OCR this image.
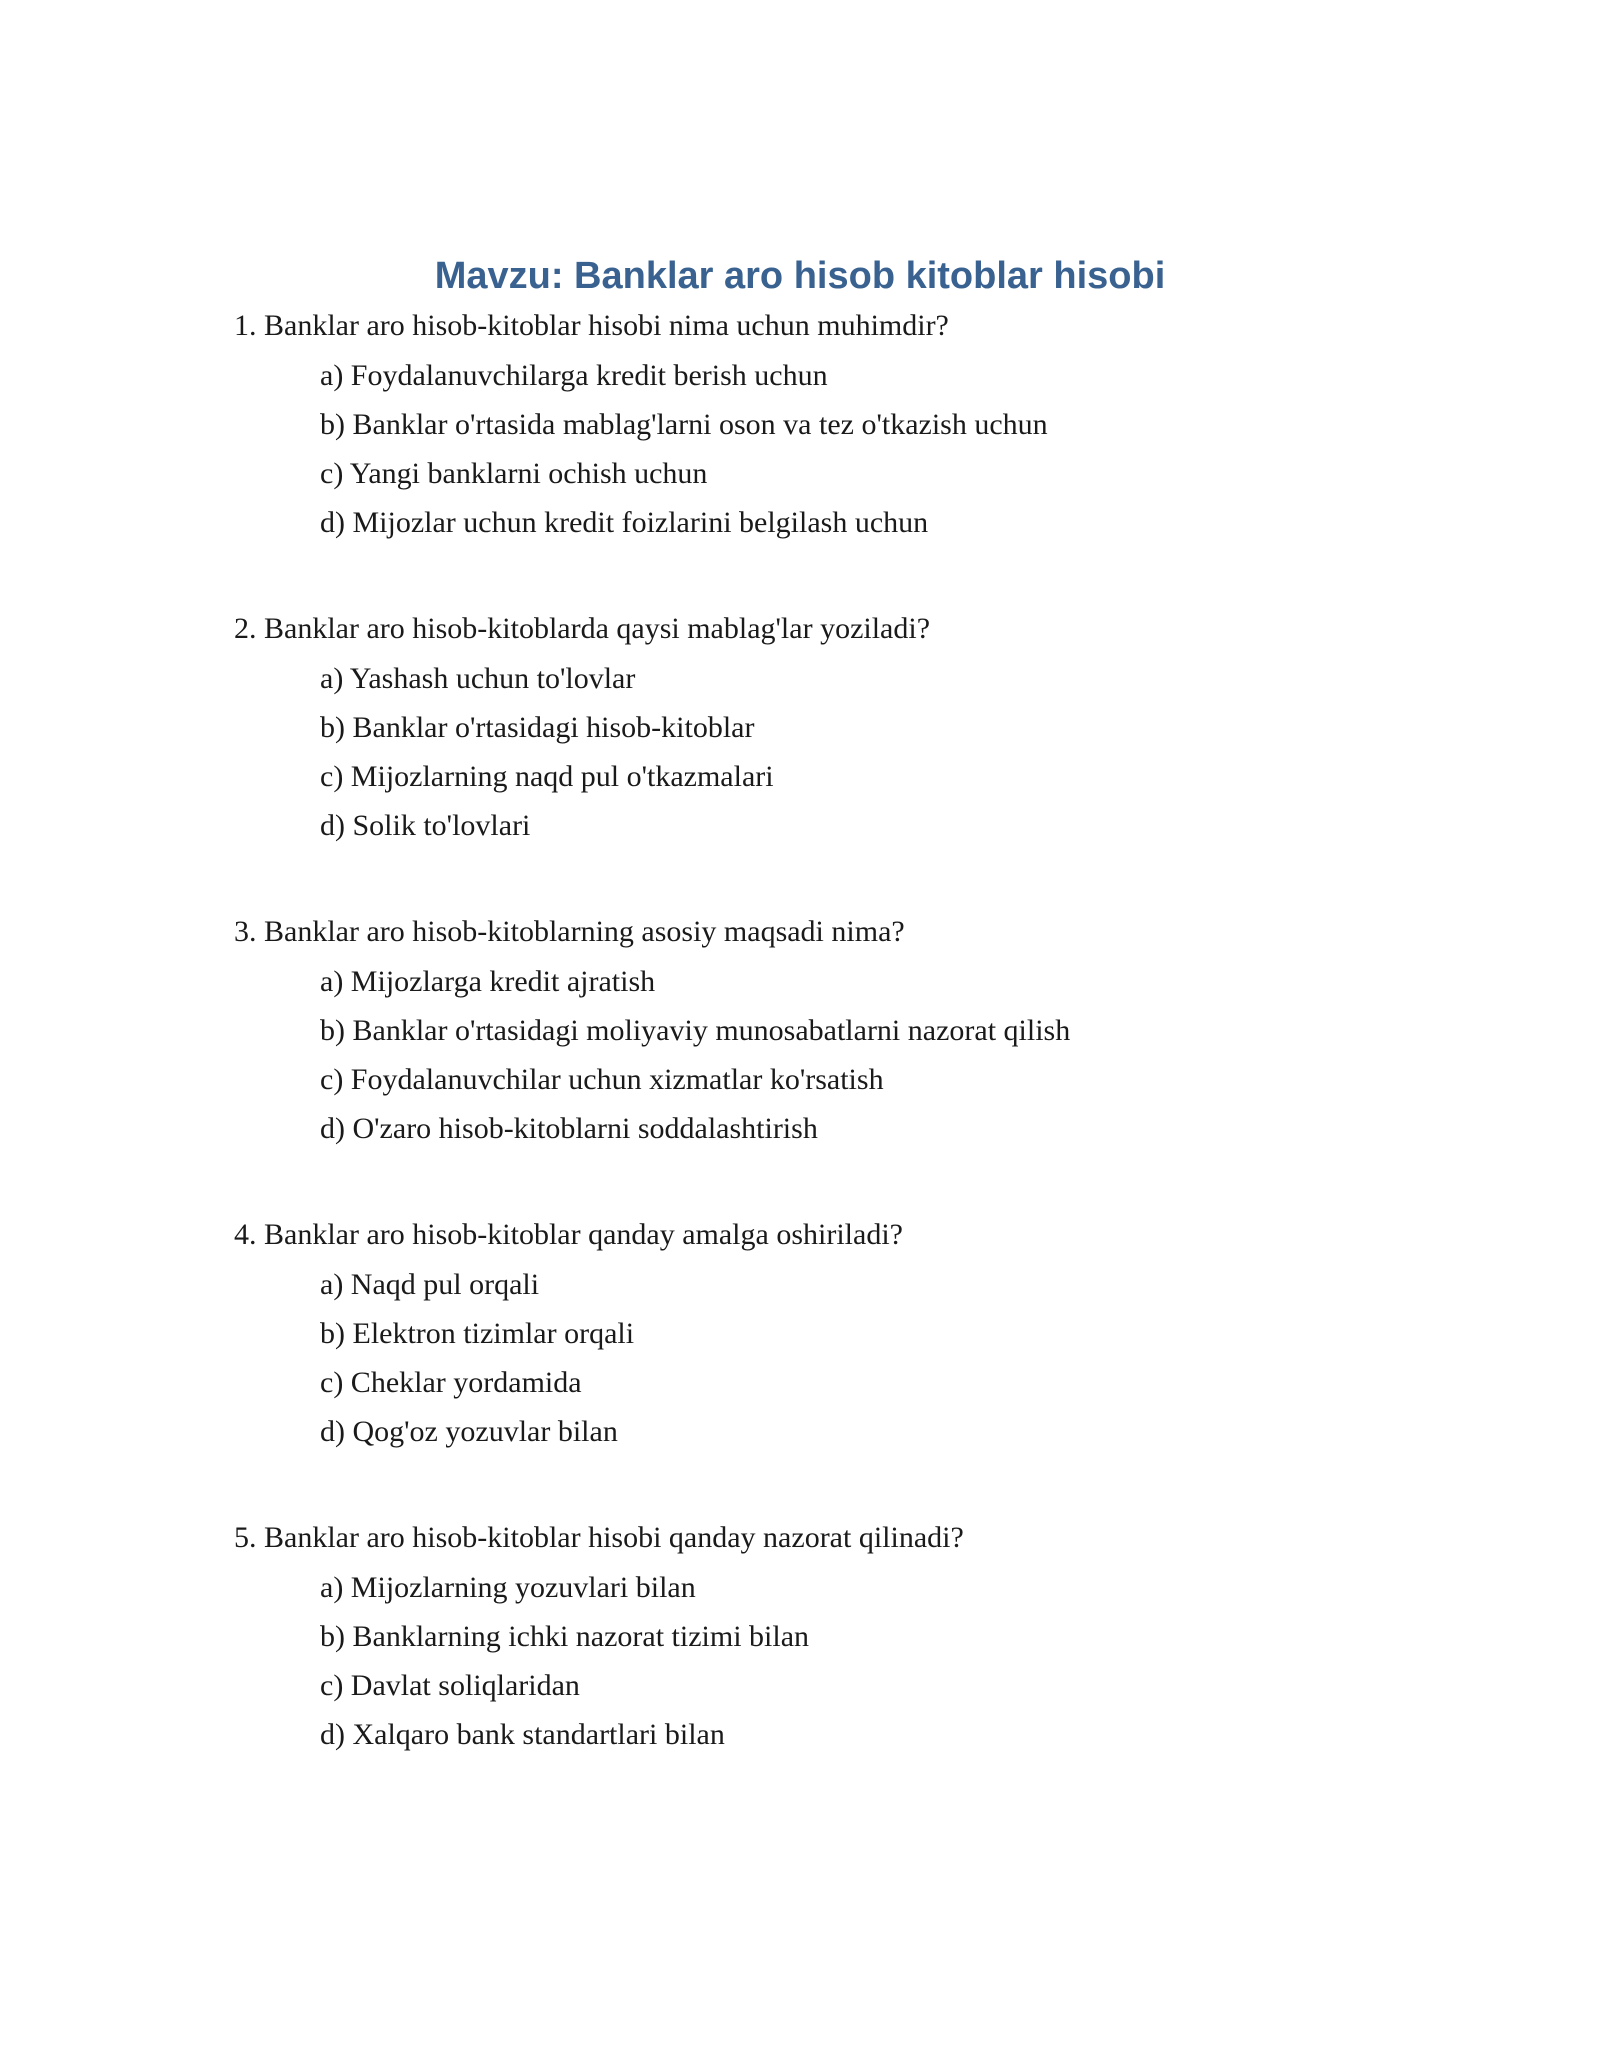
Mavzu: Banklar aro hisob kitoblar hisobi

1. Banklar aro hisob-kitoblar hisobi nima uchun muhimdir?

a) Foydalanuvchilarga kredit berish uchun
b) Banklar o'rtasida mablag'larni oson va tez o'tkazish uchun
c) Yangi banklarni ochish uchun
d) Mijozlar uchun kredit foizlarini belgilash uchun

2. Banklar aro hisob-kitoblarda qaysi mablag'lar yoziladi?

a) Yashash uchun to'lovlar
b) Banklar o'rtasidagi hisob-kitoblar
c) Mijozlarning naqd pul o'tkazmalari
d) Solik to'lovlari

3. Banklar aro hisob-kitoblarning asosiy maqsadi nima?

a) Mijozlarga kredit ajratish
b) Banklar o'rtasidagi moliyaviy munosabatlarni nazorat qilish
c) Foydalanuvchilar uchun xizmatlar ko'rsatish
d) O'zaro hisob-kitoblarni soddalashtirish

4. Banklar aro hisob-kitoblar qanday amalga oshiriladi?

a) Naqd pul orqali
b) Elektron tizimlar orqali
c) Cheklar yordamida
d) Qog'oz yozuvlar bilan

5. Banklar aro hisob-kitoblar hisobi qanday nazorat qilinadi?

a) Mijozlarning yozuvlari bilan
b) Banklarning ichki nazorat tizimi bilan
c) Davlat soliqlaridan
d) Xalqaro bank standartlari bilan
